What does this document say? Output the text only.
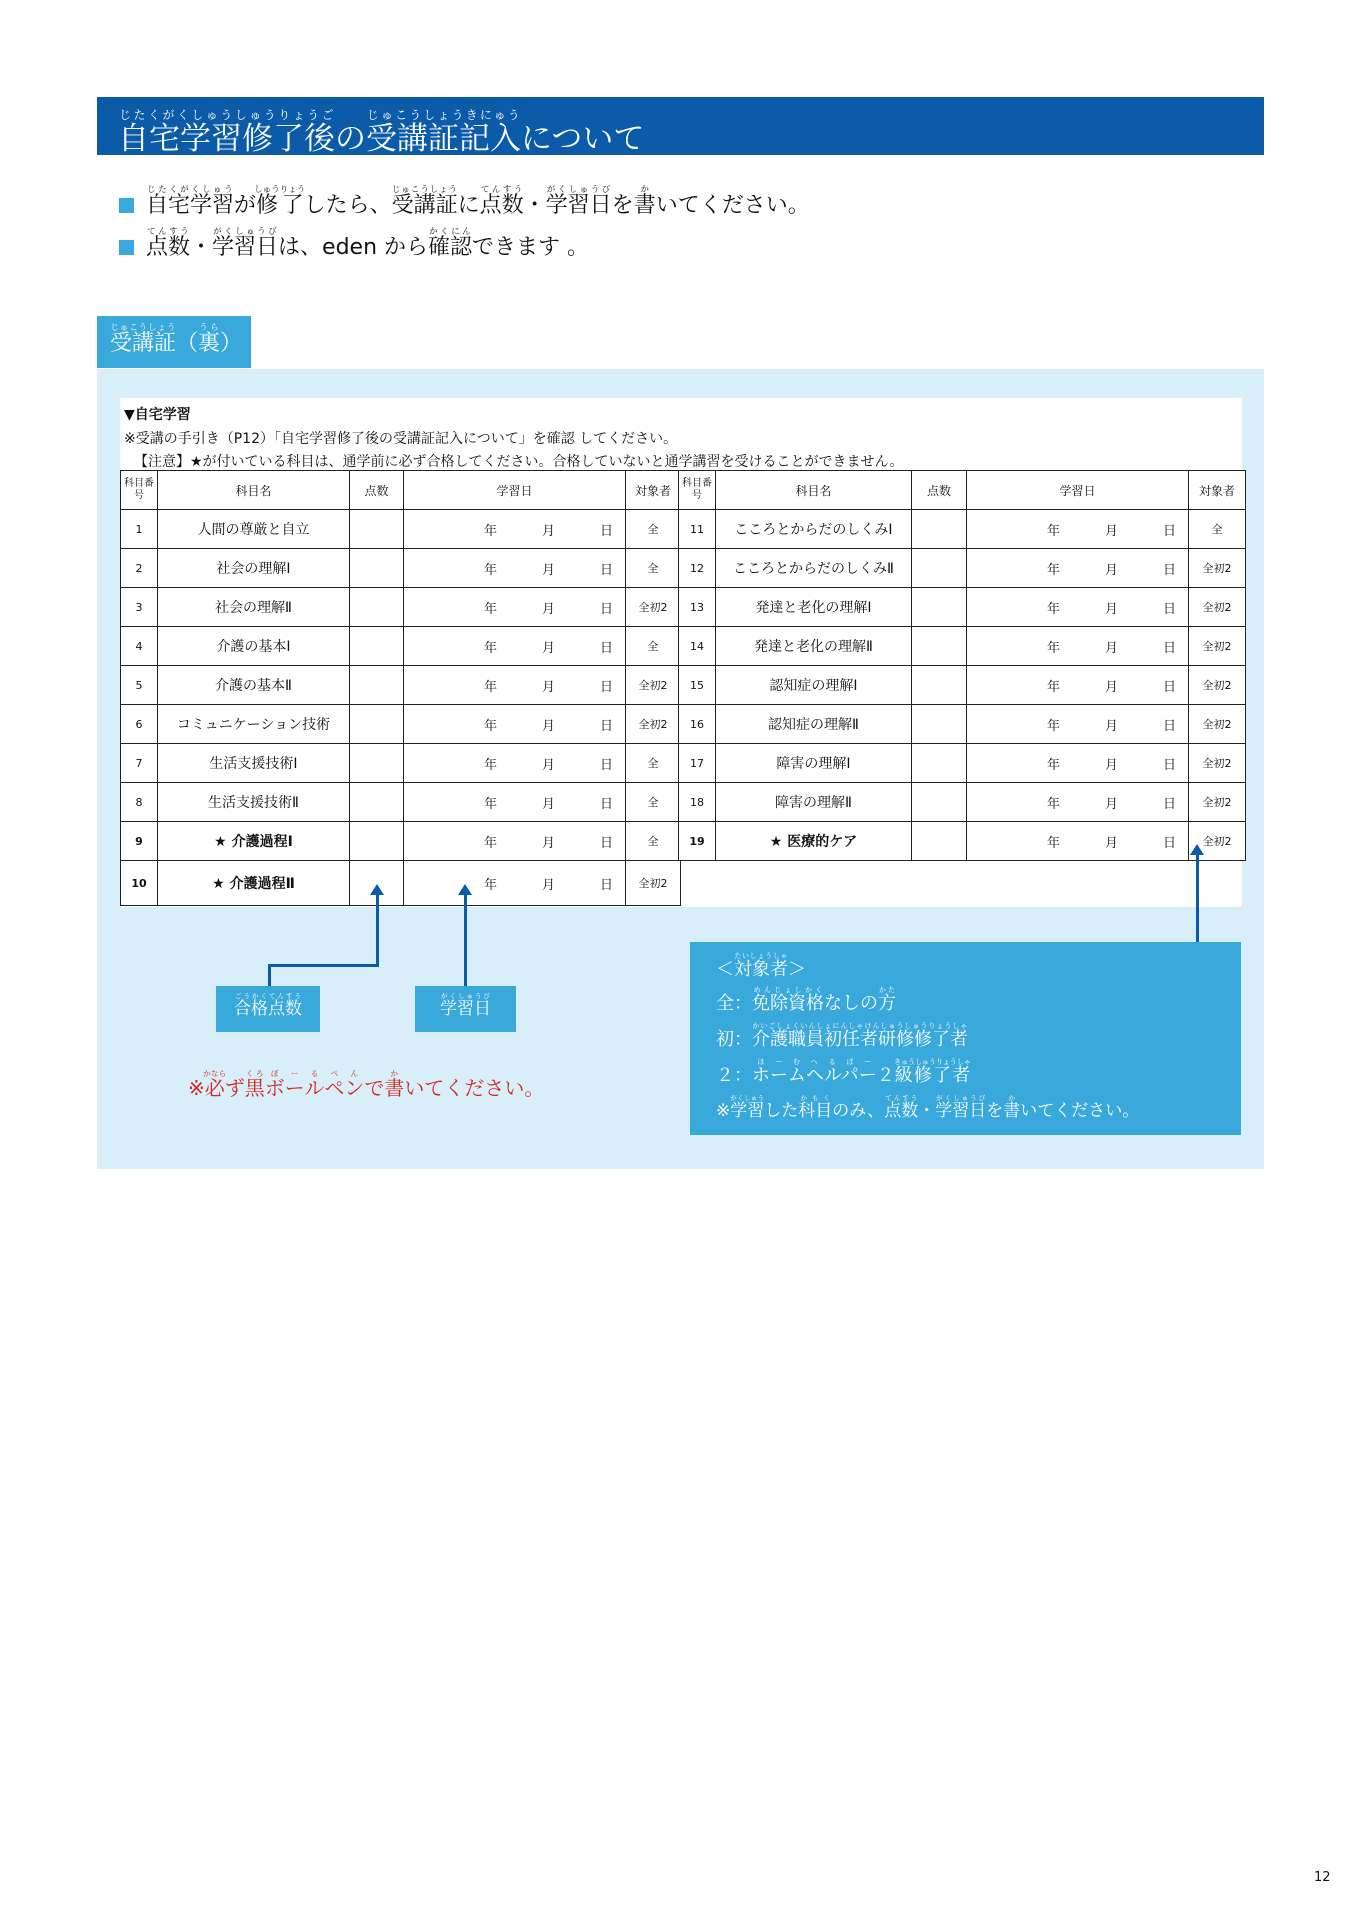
自宅学習修了後じたくがくしゅうしゅうりょうごの受講証記入じゅこうしょうきにゅうについて
自宅学習じたくがくしゅうが修了しゅうりょうしたら、受講証じゅこうしょうに点数てんすう・学習日がくしゅうびを書かいてください。
点数てんすう・学習日がくしゅうびは、eden から確認かくにんできます 。
受講証じゅこうしょう（裏うら）
▼自宅学習
※受講の手引き（P12）「自宅学習修了後の受講証記入について」を確認 してください。
【注意】★が付いている科目は、通学前に必ず合格してください。合格していないと通学講習を受けることができません。
科目番号	科目名	点数	学習日	対象者
1	人間の尊厳と自立		年 月 日	全
2	社会の理解Ⅰ		年 月 日	全
3	社会の理解Ⅱ		年 月 日	全初2
4	介護の基本Ⅰ		年 月 日	全
5	介護の基本Ⅱ		年 月 日	全初2
6	コミュニケーション技術		年 月 日	全初2
7	生活支援技術Ⅰ		年 月 日	全
8	生活支援技術Ⅱ		年 月 日	全
9	★ 介護過程Ⅰ		年 月 日	全
10	★ 介護過程Ⅱ		年 月 日	全初2
科目番号	科目名	点数	学習日	対象者
11	こころとからだのしくみⅠ		年 月 日	全
12	こころとからだのしくみⅡ		年 月 日	全初2
13	発達と老化の理解Ⅰ		年 月 日	全初2
14	発達と老化の理解Ⅱ		年 月 日	全初2
15	認知症の理解Ⅰ		年 月 日	全初2
16	認知症の理解Ⅱ		年 月 日	全初2
17	障害の理解Ⅰ		年 月 日	全初2
18	障害の理解Ⅱ		年 月 日	全初2
19	★ 医療的ケア		年 月 日	全初2
合格点数ごうかくてんすう
学習日がくしゅうび
※必かならず黒くろボールペンぼーるぺんで書かいてください。
＜対象者たいしょうしゃ＞
全：免除資格めんじょしかくなしの方かた
初：介護職員初任者研修修了者かいごしょくいんしょにんしゃけんしゅうしゅうりょうしゃ
２：ホームヘルパーほーむへるぱー２級修了者きゅうしゅうりょうしゃ
※学習がくしゅうした科目かもくのみ、点数てんすう・学習日がくしゅうびを書かいてください。
12
